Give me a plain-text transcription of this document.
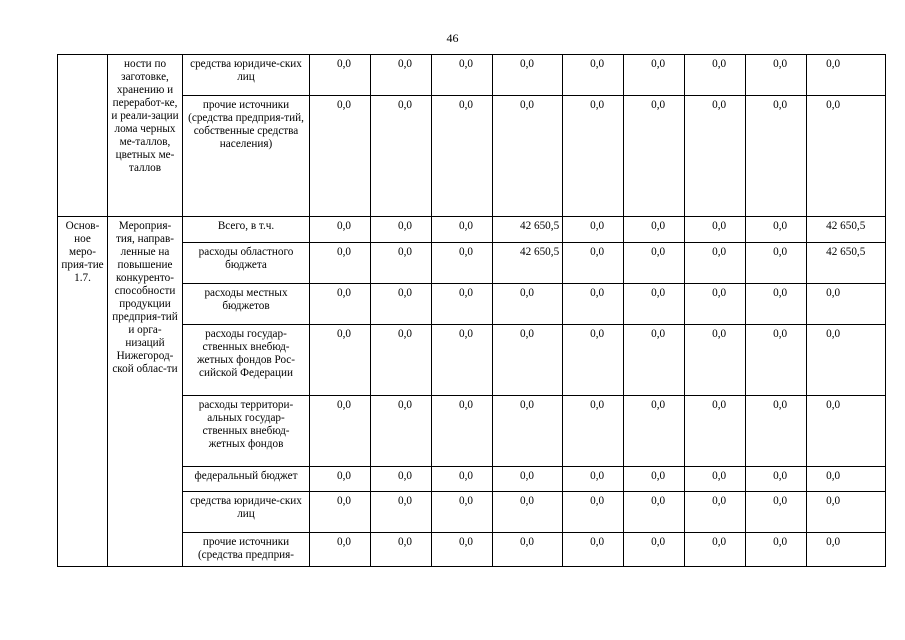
46
	ности по заготовке, хранению и переработ-ке, и реали-зации лома черных ме-таллов, цветных ме-таллов	средства юридиче-ских лиц	0,0	0,0	0,0	0,0	0,0	0,0	0,0	0,0	0,0
		прочие источники (средства предприя-тий, собственные средства населения)	0,0	0,0	0,0	0,0	0,0	0,0	0,0	0,0	0,0
Основ-ное меро-прия-тие 1.7.	Мероприя-тия, направ-ленные на повышение конкуренто-способности продукции предприя-тий и орга-низаций Нижегород-ской облас-ти	Всего, в т.ч.	0,0	0,0	0,0	42 650,5	0,0	0,0	0,0	0,0	42 650,5
		расходы областного бюджета	0,0	0,0	0,0	42 650,5	0,0	0,0	0,0	0,0	42 650,5
		расходы местных бюджетов	0,0	0,0	0,0	0,0	0,0	0,0	0,0	0,0	0,0
		расходы государ-ственных внебюд-жетных фондов Рос-сийской Федерации	0,0	0,0	0,0	0,0	0,0	0,0	0,0	0,0	0,0
		расходы территори-альных государ-ственных внебюд-жетных фондов	0,0	0,0	0,0	0,0	0,0	0,0	0,0	0,0	0,0
		федеральный бюджет	0,0	0,0	0,0	0,0	0,0	0,0	0,0	0,0	0,0
		средства юридиче-ских лиц	0,0	0,0	0,0	0,0	0,0	0,0	0,0	0,0	0,0
		прочие источники (средства предприя-	0,0	0,0	0,0	0,0	0,0	0,0	0,0	0,0	0,0
